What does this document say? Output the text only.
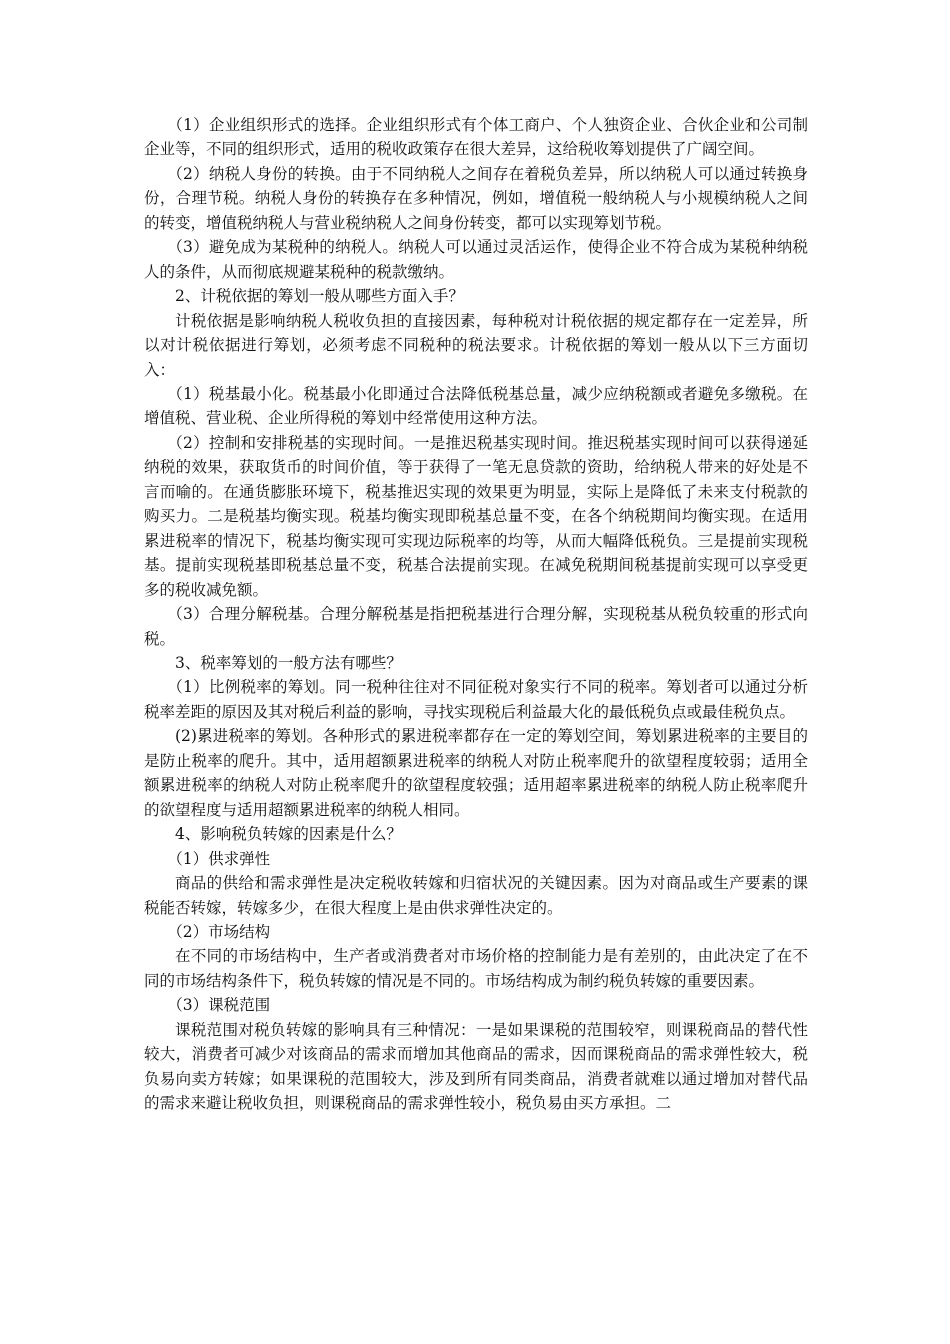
（1）企业组织形式的选择。企业组织形式有个体工商户、个人独资企业、合伙企业和公司制企业等，不同的组织形式，适用的税收政策存在很大差异，这给税收筹划提供了广阔空间。

（2）纳税人身份的转换。由于不同纳税人之间存在着税负差异，所以纳税人可以通过转换身份，合理节税。纳税人身份的转换存在多种情况，例如，增值税一般纳税人与小规模纳税人之间的转变，增值税纳税人与营业税纳税人之间身份转变，都可以实现筹划节税。

（3）避免成为某税种的纳税人。纳税人可以通过灵活运作，使得企业不符合成为某税种纳税人的条件，从而彻底规避某税种的税款缴纳。

2、计税依据的筹划一般从哪些方面入手？

计税依据是影响纳税人税收负担的直接因素，每种税对计税依据的规定都存在一定差异，所以对计税依据进行筹划，必须考虑不同税种的税法要求。计税依据的筹划一般从以下三方面切入：

（1）税基最小化。税基最小化即通过合法降低税基总量，减少应纳税额或者避免多缴税。在增值税、营业税、企业所得税的筹划中经常使用这种方法。

（2）控制和安排税基的实现时间。一是推迟税基实现时间。推迟税基实现时间可以获得递延纳税的效果，获取货币的时间价值，等于获得了一笔无息贷款的资助，给纳税人带来的好处是不言而喻的。在通货膨胀环境下，税基推迟实现的效果更为明显，实际上是降低了未来支付税款的购买力。二是税基均衡实现。税基均衡实现即税基总量不变，在各个纳税期间均衡实现。在适用累进税率的情况下，税基均衡实现可实现边际税率的均等，从而大幅降低税负。三是提前实现税基。提前实现税基即税基总量不变，税基合法提前实现。在减免税期间税基提前实现可以享受更多的税收减免额。

（3）合理分解税基。合理分解税基是指把税基进行合理分解，实现税基从税负较重的形式向税。

3、税率筹划的一般方法有哪些？

（1）比例税率的筹划。同一税种往往对不同征税对象实行不同的税率。筹划者可以通过分析税率差距的原因及其对税后利益的影响，寻找实现税后利益最大化的最低税负点或最佳税负点。

(2)累进税率的筹划。各种形式的累进税率都存在一定的筹划空间，筹划累进税率的主要目的是防止税率的爬升。其中，适用超额累进税率的纳税人对防止税率爬升的欲望程度较弱；适用全额累进税率的纳税人对防止税率爬升的欲望程度较强；适用超率累进税率的纳税人防止税率爬升的欲望程度与适用超额累进税率的纳税人相同。

4、影响税负转嫁的因素是什么？

（1）供求弹性

商品的供给和需求弹性是决定税收转嫁和归宿状况的关键因素。因为对商品或生产要素的课税能否转嫁，转嫁多少，在很大程度上是由供求弹性决定的。

（2）市场结构

在不同的市场结构中，生产者或消费者对市场价格的控制能力是有差别的，由此决定了在不同的市场结构条件下，税负转嫁的情况是不同的。市场结构成为制约税负转嫁的重要因素。

（3）课税范围

课税范围对税负转嫁的影响具有三种情况：一是如果课税的范围较窄，则课税商品的替代性较大，消费者可减少对该商品的需求而增加其他商品的需求，因而课税商品的需求弹性较大，税负易向卖方转嫁；如果课税的范围较大，涉及到所有同类商品，消费者就难以通过增加对替代品的需求来避让税收负担，则课税商品的需求弹性较小，税负易由买方承担。二
